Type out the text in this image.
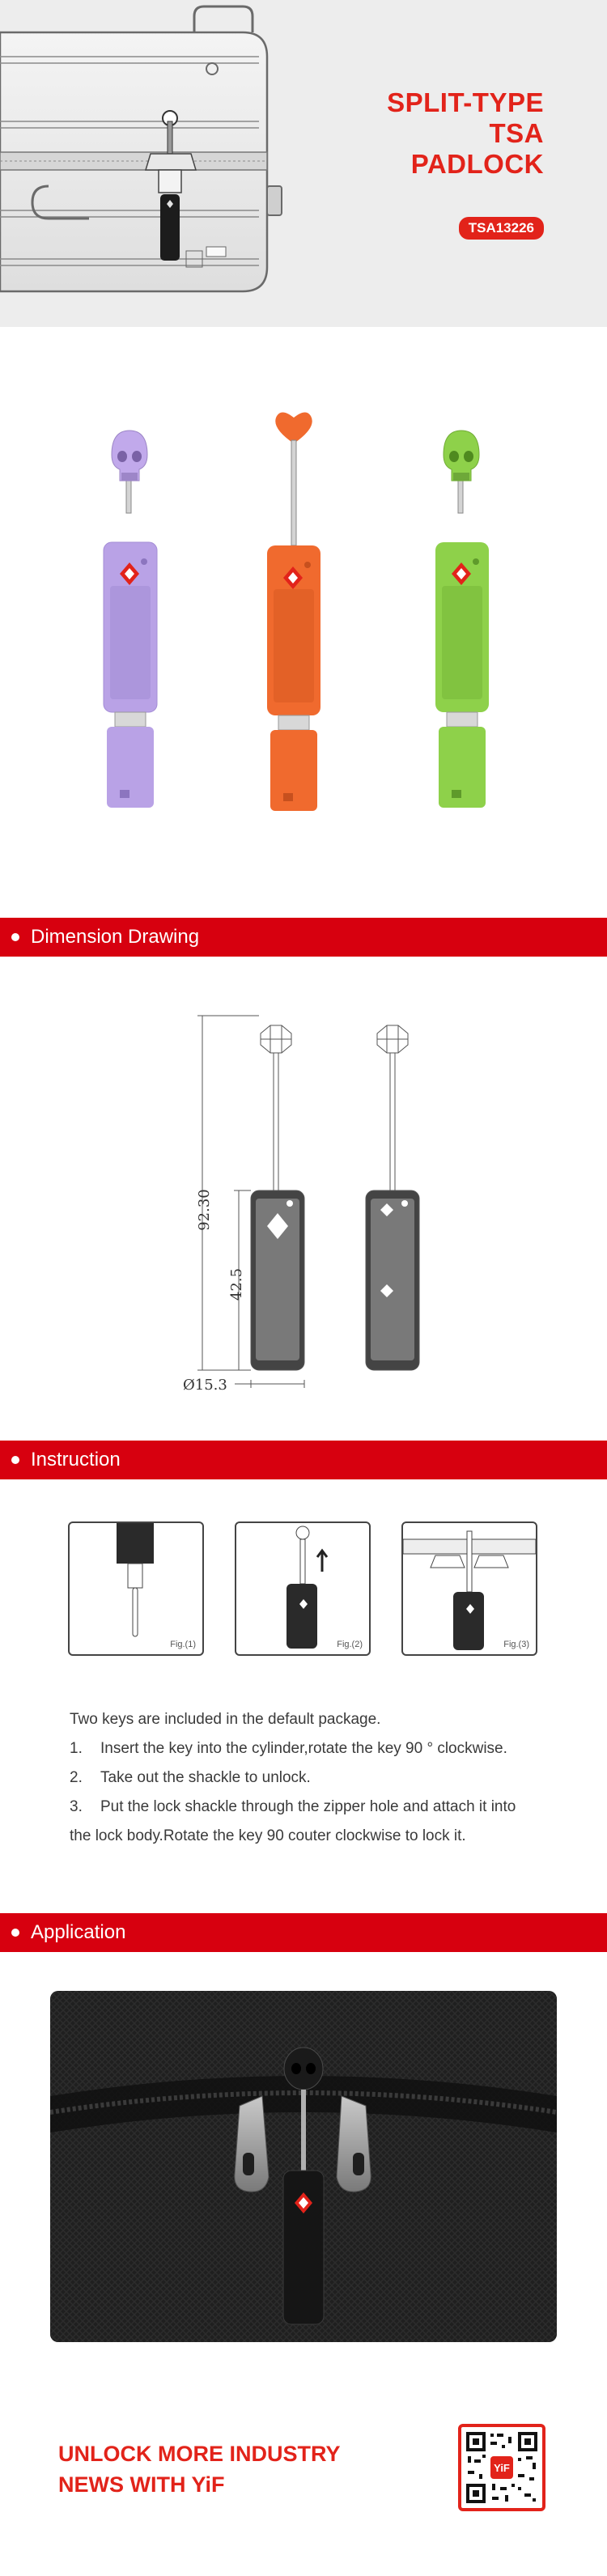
SPLIT-TYPE
TSA
PADLOCK
TSA13226
Dimension Drawing
92.30
42.5
Ø15.3
Instruction
Fig.(1)	Fig.(2)	Fig.(3)
Two keys are included in the default package.
1.	Insert the key into the cylinder,rotate the key 90 ° clockwise.
2.	Take out the shackle to unlock.
3.	Put the lock shackle through the zipper hole and attach it into
the lock body.Rotate the key 90 couter clockwise to lock it.
Application
UNLOCK MORE INDUSTRY
NEWS WITH YiF
YiF
